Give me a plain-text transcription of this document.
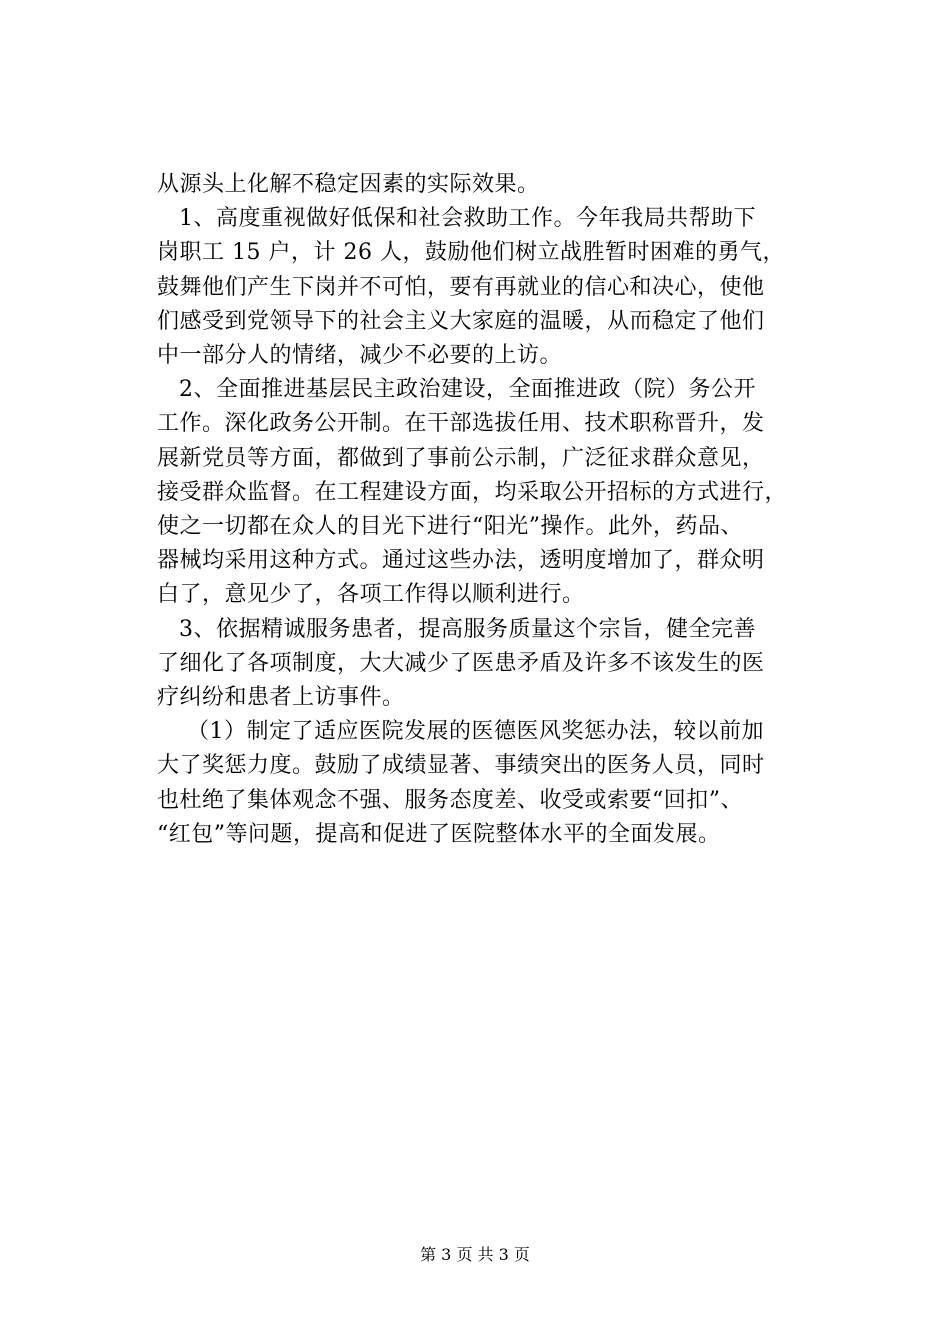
从源头上化解不稳定因素的实际效果。
1、高度重视做好低保和社会救助工作。今年我局共帮助下
岗职工 15 户，计 26 人，鼓励他们树立战胜暂时困难的勇气，
鼓舞他们产生下岗并不可怕，要有再就业的信心和决心，使他
们感受到党领导下的社会主义大家庭的温暖，从而稳定了他们
中一部分人的情绪，减少不必要的上访。
2、全面推进基层民主政治建设，全面推进政（院）务公开
工作。深化政务公开制。在干部选拔任用、技术职称晋升，发
展新党员等方面，都做到了事前公示制，广泛征求群众意见，
接受群众监督。在工程建设方面，均采取公开招标的方式进行，
使之一切都在众人的目光下进行“阳光”操作。此外，药品、
器械均采用这种方式。通过这些办法，透明度增加了，群众明
白了，意见少了，各项工作得以顺利进行。
3、依据精诚服务患者，提高服务质量这个宗旨，健全完善
了细化了各项制度，大大减少了医患矛盾及许多不该发生的医
疗纠纷和患者上访事件。
（1）制定了适应医院发展的医德医风奖惩办法，较以前加
大了奖惩力度。鼓励了成绩显著、事绩突出的医务人员，同时
也杜绝了集体观念不强、服务态度差、收受或索要“回扣”、
“红包”等问题，提高和促进了医院整体水平的全面发展。
第 3 页 共 3 页
